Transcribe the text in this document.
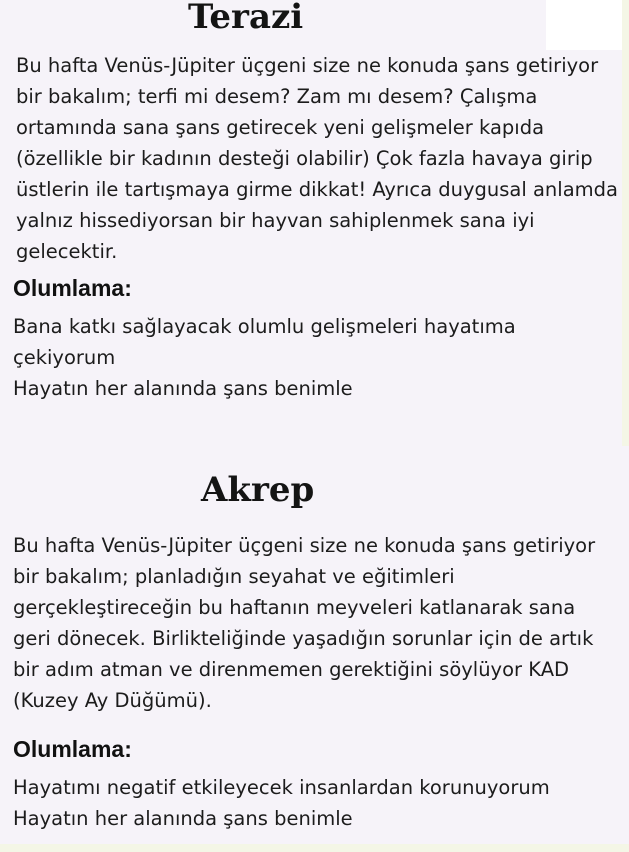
Terazi

Bu hafta Venüs-Jüpiter üçgeni size ne konuda şans getiriyor
bir bakalım; terfi mi desem? Zam mı desem? Çalışma
ortamında sana şans getirecek yeni gelişmeler kapıda
(özellikle bir kadının desteği olabilir) Çok fazla havaya girip
üstlerin ile tartışmaya girme dikkat! Ayrıca duygusal anlamda
yalnız hissediyorsan bir hayvan sahiplenmek sana iyi
gelecektir.

Olumlama:

Bana katkı sağlayacak olumlu gelişmeleri hayatıma
çekiyorum
Hayatın her alanında şans benimle

Akrep

Bu hafta Venüs-Jüpiter üçgeni size ne konuda şans getiriyor
bir bakalım; planladığın seyahat ve eğitimleri
gerçekleştireceğin bu haftanın meyveleri katlanarak sana
geri dönecek. Birlikteliğinde yaşadığın sorunlar için de artık
bir adım atman ve direnmemen gerektiğini söylüyor KAD
(Kuzey Ay Düğümü).

Olumlama:

Hayatımı negatif etkileyecek insanlardan korunuyorum
Hayatın her alanında şans benimle
